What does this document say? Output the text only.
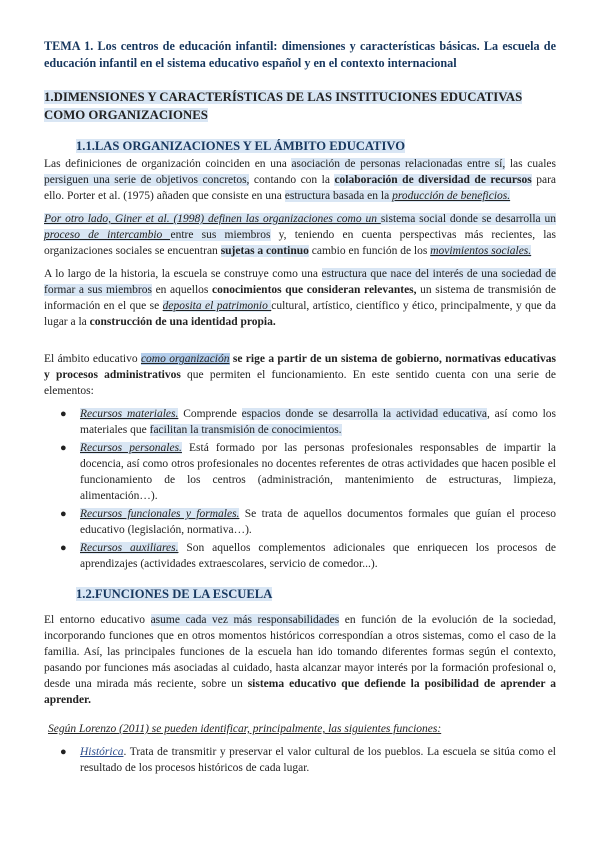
TEMA 1. Los centros de educación infantil: dimensiones y características básicas. La escuela de educación infantil en el sistema educativo español y en el contexto internacional
1.DIMENSIONES Y CARACTERÍSTICAS DE LAS INSTITUCIONES EDUCATIVAS COMO ORGANIZACIONES
1.1.LAS ORGANIZACIONES Y EL ÁMBITO EDUCATIVO

Las definiciones de organización coinciden en una asociación de personas relacionadas entre sí, las cuales persiguen una serie de objetivos concretos, contando con la colaboración de diversidad de recursos para ello. Porter et al. (1975) añaden que consiste en una estructura basada en la producción de beneficios.

Por otro lado, Giner et al. (1998) definen las organizaciones como un sistema social donde se desarrolla un proceso de intercambio entre sus miembros y, teniendo en cuenta perspectivas más recientes, las organizaciones sociales se encuentran sujetas a continuo cambio en función de los movimientos sociales.

A lo largo de la historia, la escuela se construye como una estructura que nace del interés de una sociedad de formar a sus miembros en aquellos conocimientos que consideran relevantes, un sistema de transmisión de información en el que se deposita el patrimonio cultural, artístico, científico y ético, principalmente, y que da lugar a la construcción de una identidad propia.

El ámbito educativo como organización se rige a partir de un sistema de gobierno, normativas educativas y procesos administrativos que permiten el funcionamiento. En este sentido cuenta con una serie de elementos:

● Recursos materiales. Comprende espacios donde se desarrolla la actividad educativa, así como los materiales que facilitan la transmisión de conocimientos.
● Recursos personales. Está formado por las personas profesionales responsables de impartir la docencia, así como otros profesionales no docentes referentes de otras actividades que hacen posible el funcionamiento de los centros (administración, mantenimiento de estructuras, limpieza, alimentación…).
● Recursos funcionales y formales. Se trata de aquellos documentos formales que guían el proceso educativo (legislación, normativa…).
● Recursos auxiliares. Son aquellos complementos adicionales que enriquecen los procesos de aprendizajes (actividades extraescolares, servicio de comedor...).
1.2.FUNCIONES DE LA ESCUELA

El entorno educativo asume cada vez más responsabilidades en función de la evolución de la sociedad, incorporando funciones que en otros momentos históricos correspondían a otros sistemas, como el caso de la familia. Así, las principales funciones de la escuela han ido tomando diferentes formas según el contexto, pasando por funciones más asociadas al cuidado, hasta alcanzar mayor interés por la formación profesional o, desde una mirada más reciente, sobre un sistema educativo que defiende la posibilidad de aprender a aprender.

Según Lorenzo (2011) se pueden identificar, principalmente, las siguientes funciones:

● Histórica. Trata de transmitir y preservar el valor cultural de los pueblos. La escuela se sitúa como el resultado de los procesos históricos de cada lugar.
